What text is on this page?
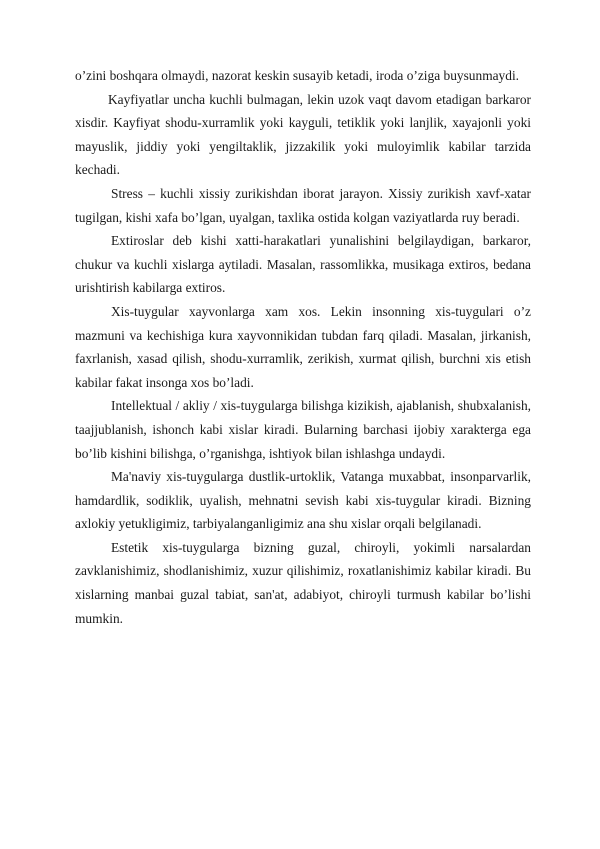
o’zini boshqara olmaydi, nazorat keskin susayib ketadi, iroda o’ziga buysunmaydi.

Kayfiyatlar uncha kuchli bulmagan, lekin uzok vaqt davom etadigan barkaror xisdir. Kayfiyat shodu-xurramlik yoki kayguli, tetiklik yoki lanjlik, xayajonli yoki mayuslik, jiddiy yoki yengiltaklik, jizzakilik yoki muloyimlik kabilar tarzida kechadi.

Stress – kuchli xissiy zurikishdan iborat jarayon. Xissiy zurikish xavf-xatar tugilgan, kishi xafa bo’lgan, uyalgan, taxlika ostida kolgan vaziyatlarda ruy beradi.

Extiroslar deb kishi xatti-harakatlari yunalishini belgilaydigan, barkaror, chukur va kuchli xislarga aytiladi. Masalan, rassomlikka, musikaga extiros, bedana urishtirish kabilarga extiros.

Xis-tuygular xayvonlarga xam xos. Lekin insonning xis-tuygulari o’z mazmuni va kechishiga kura xayvonnikidan tubdan farq qiladi. Masalan, jirkanish, faxrlanish, xasad qilish, shodu-xurramlik, zerikish, xurmat qilish, burchni xis etish kabilar fakat insonga xos bo’ladi.

Intellektual / akliy / xis-tuygularga bilishga kizikish, ajablanish, shubxalanish, taajjublanish, ishonch kabi xislar kiradi. Bularning barchasi ijobiy xarakterga ega bo’lib kishini bilishga, o’rganishga, ishtiyok bilan ishlashga undaydi.

Ma'naviy xis-tuygularga dustlik-urtoklik, Vatanga muxabbat, insonparvarlik, hamdardlik, sodiklik, uyalish, mehnatni sevish kabi xis-tuygular kiradi. Bizning axlokiy yetukligimiz, tarbiyalanganligimiz ana shu xislar orqali belgilanadi.

Estetik xis-tuygularga bizning guzal, chiroyli, yokimli narsalardan zavklanishimiz, shodlanishimiz, xuzur qilishimiz, roxatlanishimiz kabilar kiradi. Bu xislarning manbai guzal tabiat, san'at, adabiyot, chiroyli turmush kabilar bo’lishi mumkin.
